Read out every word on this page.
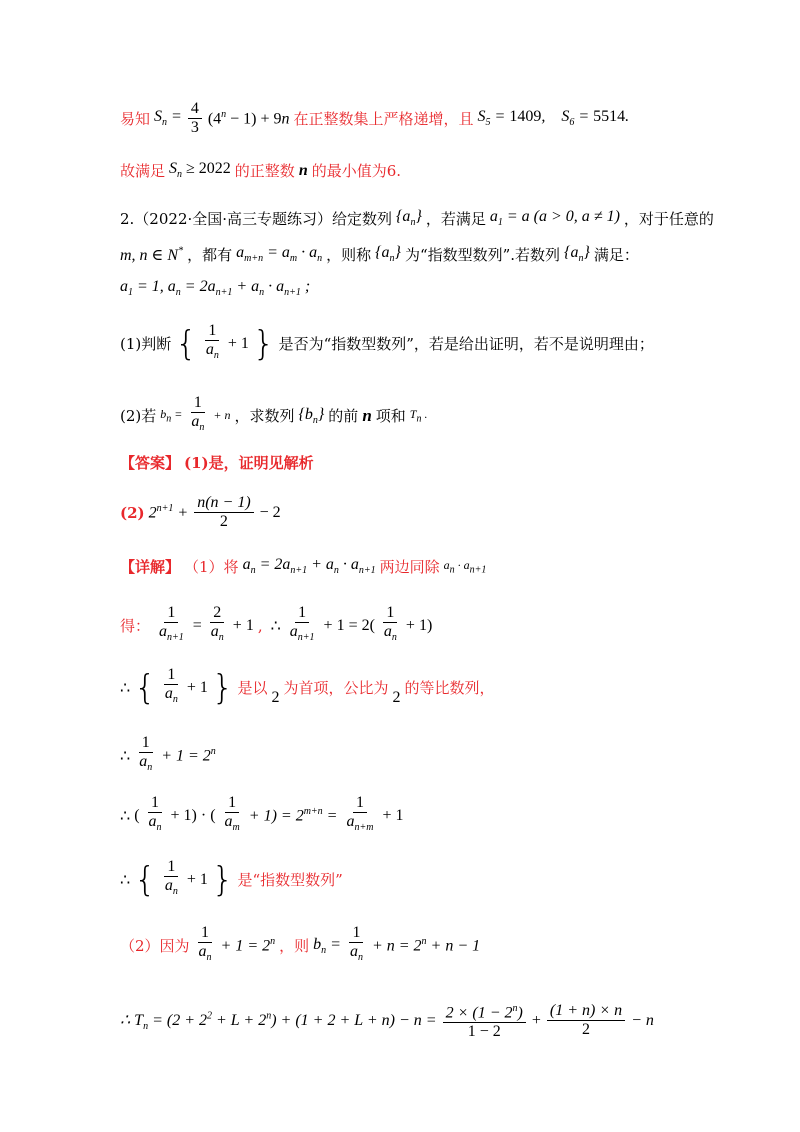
易知 $S_n = \frac{4}{3} (4^n - 1) + 9n$ 在正整数集上严格递增，且 $S_5 = 1409$, $S_6 = 5514$.
故满足 $S_n \ge 2022$ 的正整数 n 的最小值为6.
2.（2022·全国·高三专题练习）给定数列 $\{a_n\}$ ，若满足 $a_1 = a$ (a > 0, a ≠ 1) ，对于任意的
m, n ∈ N* ，都有 $a_{m+n} = a_m \cdot a_n$ ，则称 $\{a_n\}$ 为“指数型数列”.若数列 $\{a_n\}$ 满足：
$a_1 = 1$, $a_n = 2a_{n+1} + a_n \cdot a_{n+1}$ ;
(1)判断 { $\frac{1}{a_n} + 1$ } 是否为“指数型数列”，若是给出证明，若不是说明理由；
(2)若 $b_n = \frac{1}{a_n} + n$ ，求数列 $\{b_n\}$ 的前 n 项和 $T_n$ .
【答案】 (1)是，证明见解析
(2) $2^{n+1} + \frac{n(n - 1)}{2} - 2$
【详解】 （1）将 $a_n = 2a_{n+1} + a_n \cdot a_{n+1}$ 两边同除 $a_n \cdot a_{n+1}$
得： $\frac{1}{a_{n+1}} = \frac{2}{a_n} + 1$ , ∴ $\frac{1}{a_{n+1}} + 1 = 2( \frac{1}{a_n} + 1)$
∴ { $\frac{1}{a_n} + 1$ } 是以 2 为首项，公比为 2 的等比数列，
∴ $\frac{1}{a_n} + 1 = 2^n$
∴ ( $\frac{1}{a_n} + 1$) · ( $\frac{1}{a_m} + 1) = 2^{m+n} = \frac{1}{a_{n+m}} + 1$
∴ { $\frac{1}{a_n} + 1$ } 是“指数型数列”
（2）因为 $\frac{1}{a_n} + 1 = 2^n$ ，则 $b_n = \frac{1}{a_n} + n = 2^n + n - 1$
∴ $T_n = (2 + 2^2 + L + 2^n) + (1 + 2 + L + n) - n = \frac{2 \times (1 - 2^n)}{1 - 2} + \frac{(1 + n) \times n}{2} - n$
